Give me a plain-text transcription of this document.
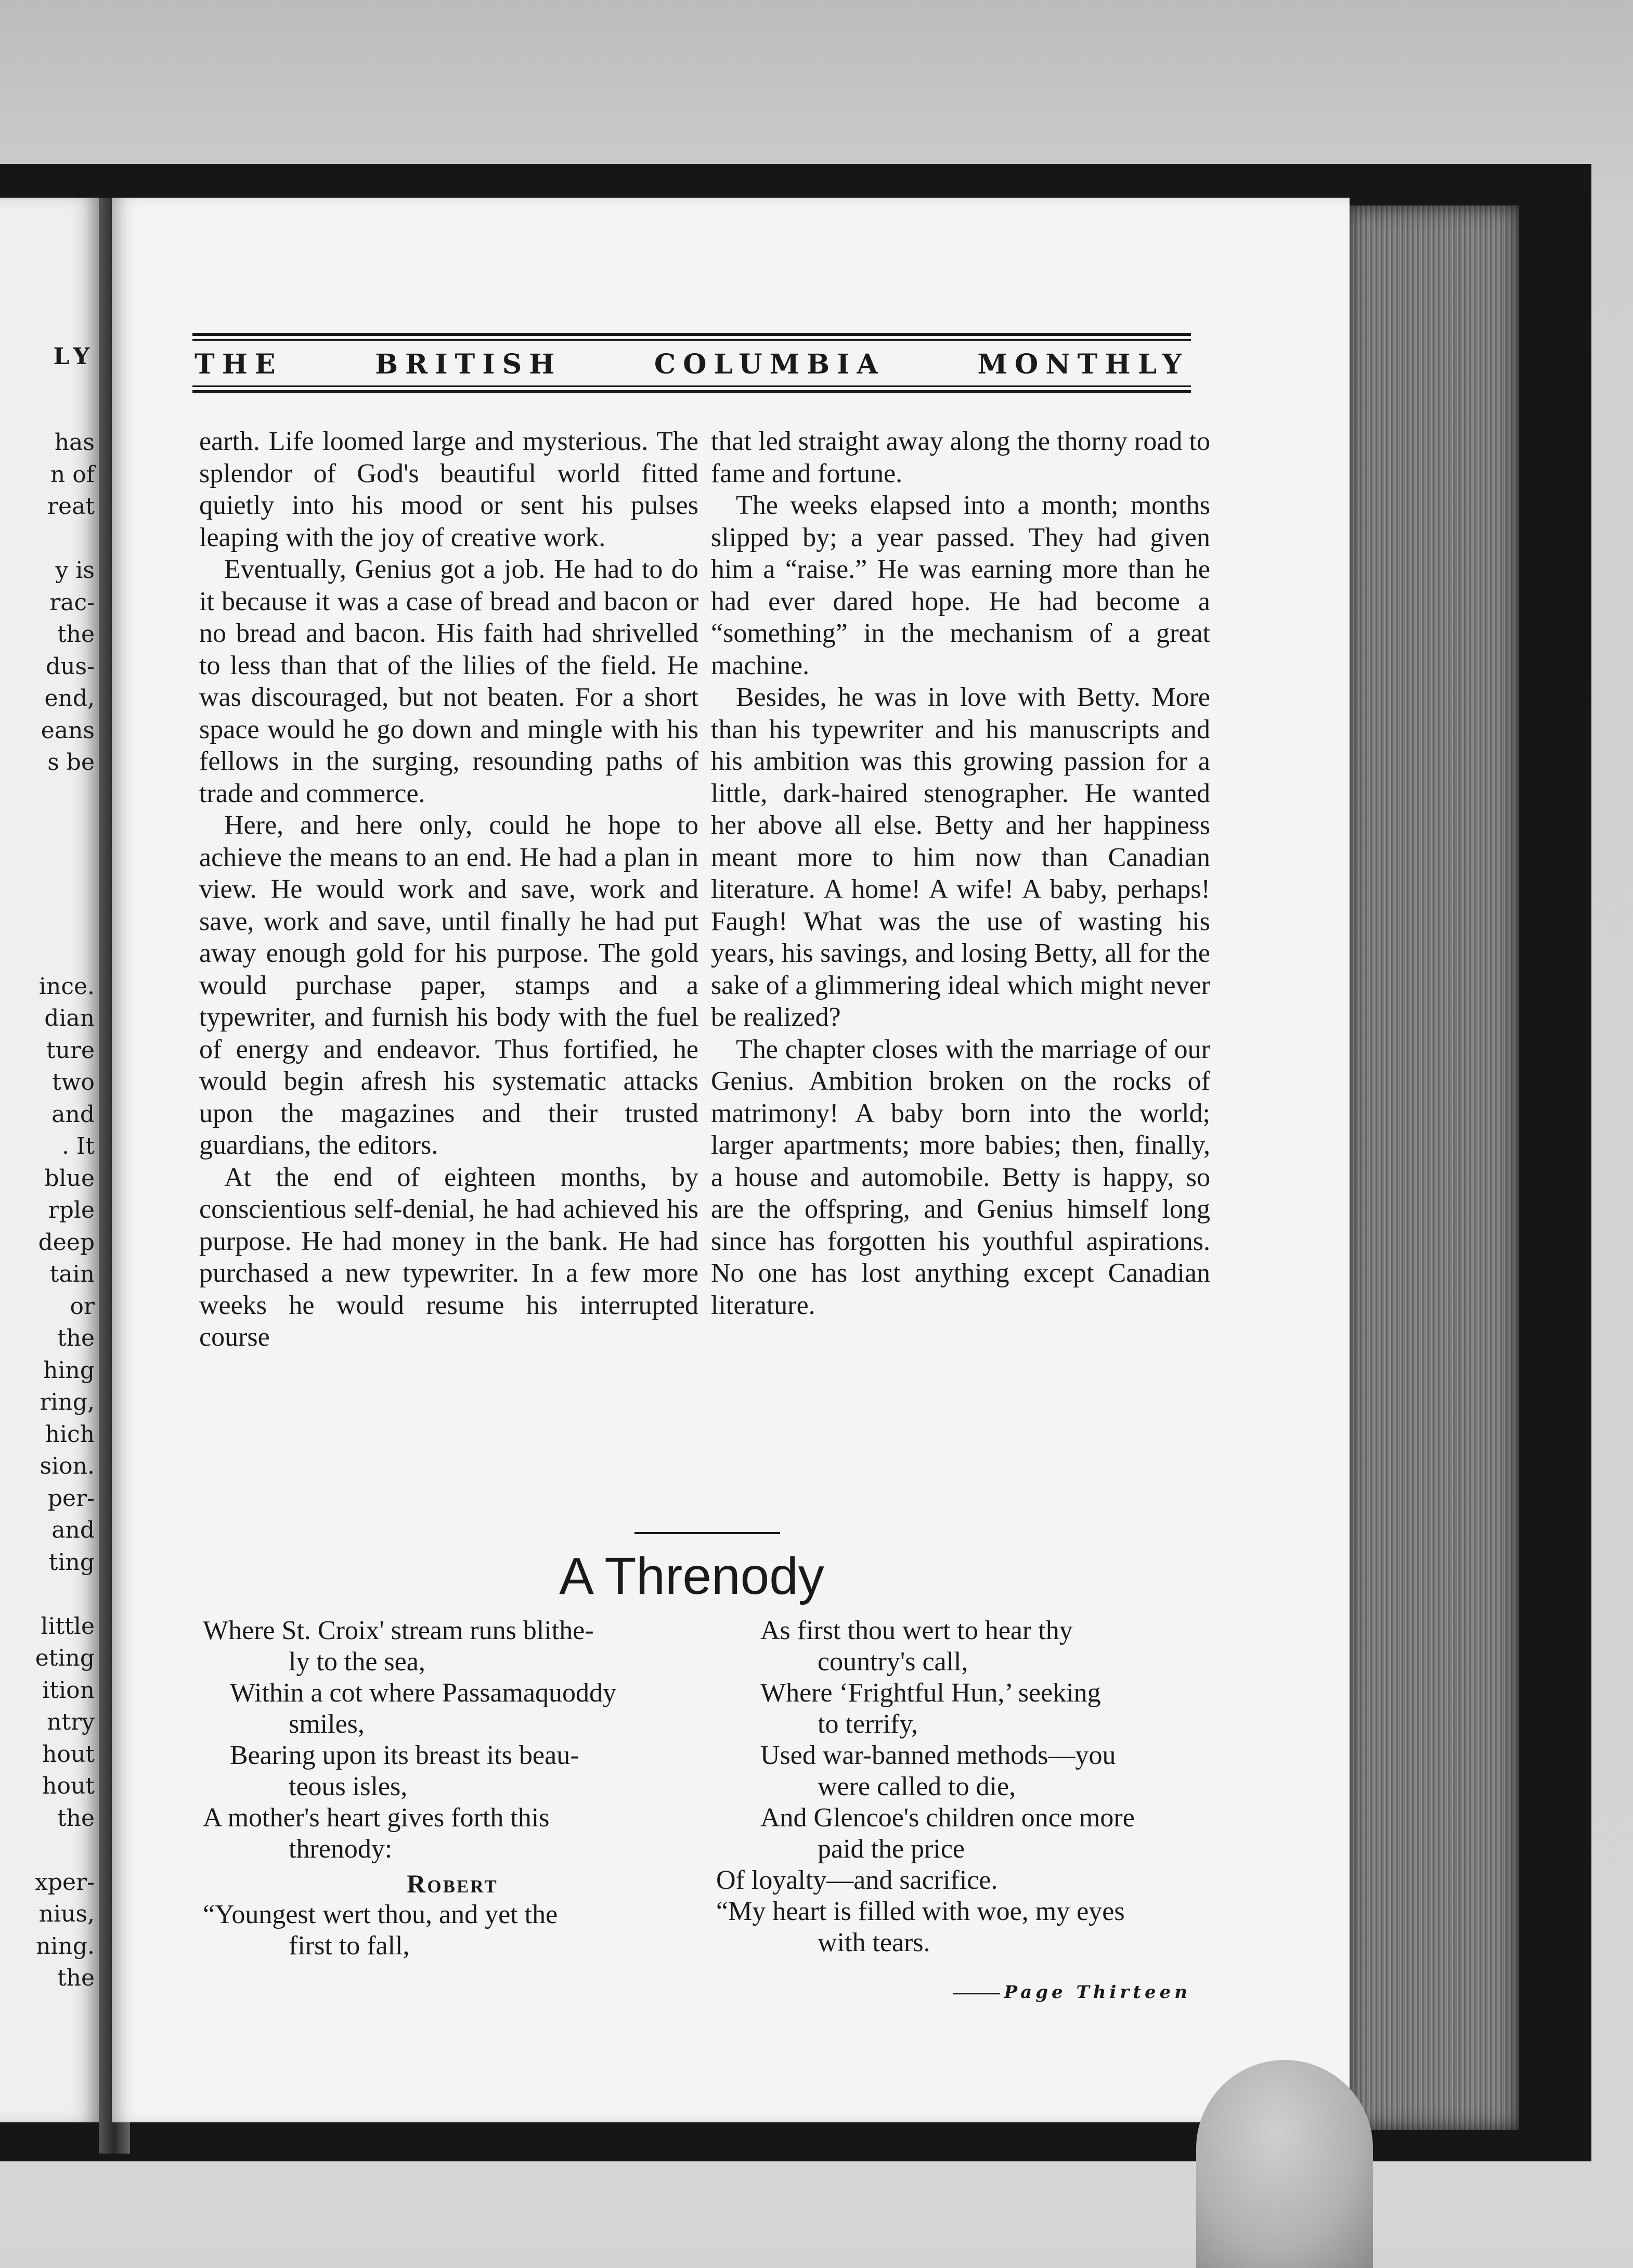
LY
has
n of
reat
y is
rac-
the
dus-
end,
eans
s be
ince.
dian
ture
two
and
. It
blue
rple
deep
tain
or
the
hing
ring,
hich
sion.
per-
and
ting
little
eting
ition
ntry
hout
hout
the
xper-
nius,
ning.
the
THE	BRITISH	COLUMBIA	MONTHLY

earth. Life loomed large and mysterious. The splendor of God's beautiful world fitted quietly into his mood or sent his pulses leaping with the joy of creative work.

Eventually, Genius got a job. He had to do it because it was a case of bread and bacon or no bread and bacon. His faith had shrivelled to less than that of the lilies of the field. He was discouraged, but not beaten. For a short space would he go down and mingle with his fellows in the surging, resounding paths of trade and commerce.

Here, and here only, could he hope to achieve the means to an end. He had a plan in view. He would work and save, work and save, work and save, until finally he had put away enough gold for his purpose. The gold would purchase paper, stamps and a typewriter, and furnish his body with the fuel of energy and endeavor. Thus fortified, he would begin afresh his systematic attacks upon the magazines and their trusted guardians, the editors.

At the end of eighteen months, by conscientious self-denial, he had achieved his purpose. He had money in the bank. He had purchased a new typewriter. In a few more weeks he would resume his interrupted course

that led straight away along the thorny road to fame and fortune.

The weeks elapsed into a month; months slipped by; a year passed. They had given him a “raise.” He was earning more than he had ever dared hope. He had become a “something” in the mechanism of a great machine.

Besides, he was in love with Betty. More than his typewriter and his manuscripts and his ambition was this growing passion for a little, dark-haired stenographer. He wanted her above all else. Betty and her happiness meant more to him now than Canadian literature. A home! A wife! A baby, perhaps! Faugh! What was the use of wasting his years, his savings, and losing Betty, all for the sake of a glimmering ideal which might never be realized?

The chapter closes with the marriage of our Genius. Ambition broken on the rocks of matrimony! A baby born into the world; larger apartments; more babies; then, finally, a house and automobile. Betty is happy, so are the offspring, and Genius himself long since has forgotten his youthful aspirations. No one has lost anything except Canadian literature.

A Threnody
Where St. Croix' stream runs blithe-
ly to the sea,
Within a cot where Passamaquoddy
smiles,
Bearing upon its breast its beau-
teous isles,
A mother's heart gives forth this
threnody:
Robert
“Youngest wert thou, and yet the
first to fall,
As first thou wert to hear thy
country's call,
Where ‘Frightful Hun,’ seeking
to terrify,
Used war-banned methods—you
were called to die,
And Glencoe's children once more
paid the price
Of loyalty—and sacrifice.
“My heart is filled with woe, my eyes
with tears.
Page Thirteen
